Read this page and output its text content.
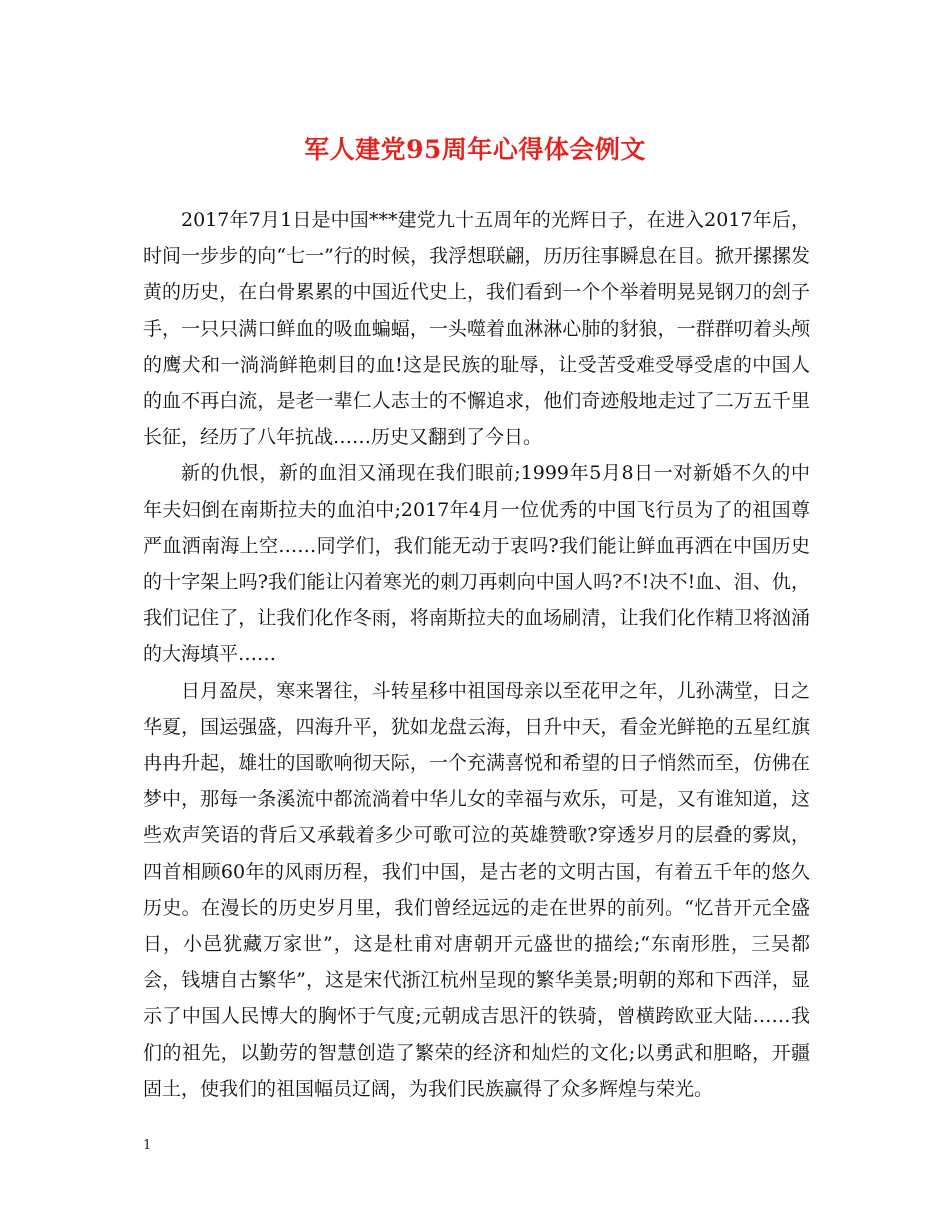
军人建党95周年心得体会例文

2017年7月1日是中国***建党九十五周年的光辉日子，在进入2017年后，时间一步步的向“七一”行的时候，我浮想联翩，历历往事瞬息在目。掀开摞摞发黄的历史，在白骨累累的中国近代史上，我们看到一个个举着明晃晃钢刀的刽子手，一只只满口鲜血的吸血蝙蝠，一头噬着血淋淋心肺的豺狼，一群群叨着头颅的鹰犬和一淌淌鲜艳刺目的血!这是民族的耻辱，让受苦受难受辱受虐的中国人的血不再白流，是老一辈仁人志士的不懈追求，他们奇迹般地走过了二万五千里长征，经历了八年抗战……历史又翻到了今日。

新的仇恨，新的血泪又涌现在我们眼前;1999年5月8日一对新婚不久的中年夫妇倒在南斯拉夫的血泊中;2017年4月一位优秀的中国飞行员为了的祖国尊严血洒南海上空……同学们，我们能无动于衷吗?我们能让鲜血再洒在中国历史的十字架上吗?我们能让闪着寒光的刺刀再刺向中国人吗?不!决不!血、泪、仇，我们记住了，让我们化作冬雨，将南斯拉夫的血场刷清，让我们化作精卫将汹涌的大海填平……

日月盈昃，寒来署往，斗转星移中祖国母亲以至花甲之年，儿孙满堂，日之华夏，国运强盛，四海升平，犹如龙盘云海，日升中天，看金光鲜艳的五星红旗冉冉升起，雄壮的国歌响彻天际，一个充满喜悦和希望的日子悄然而至，仿佛在梦中，那每一条溪流中都流淌着中华儿女的幸福与欢乐，可是，又有谁知道，这些欢声笑语的背后又承载着多少可歌可泣的英雄赞歌?穿透岁月的层叠的雾岚，四首相顾60年的风雨历程，我们中国，是古老的文明古国，有着五千年的悠久历史。在漫长的历史岁月里，我们曾经远远的走在世界的前列。“忆昔开元全盛日，小邑犹藏万家世”，这是杜甫对唐朝开元盛世的描绘;“东南形胜，三吴都会，钱塘自古繁华”，这是宋代浙江杭州呈现的繁华美景;明朝的郑和下西洋，显示了中国人民博大的胸怀于气度;元朝成吉思汗的铁骑，曾横跨欧亚大陆……我们的祖先，以勤劳的智慧创造了繁荣的经济和灿烂的文化;以勇武和胆略，开疆固土，使我们的祖国幅员辽阔，为我们民族赢得了众多辉煌与荣光。

1
